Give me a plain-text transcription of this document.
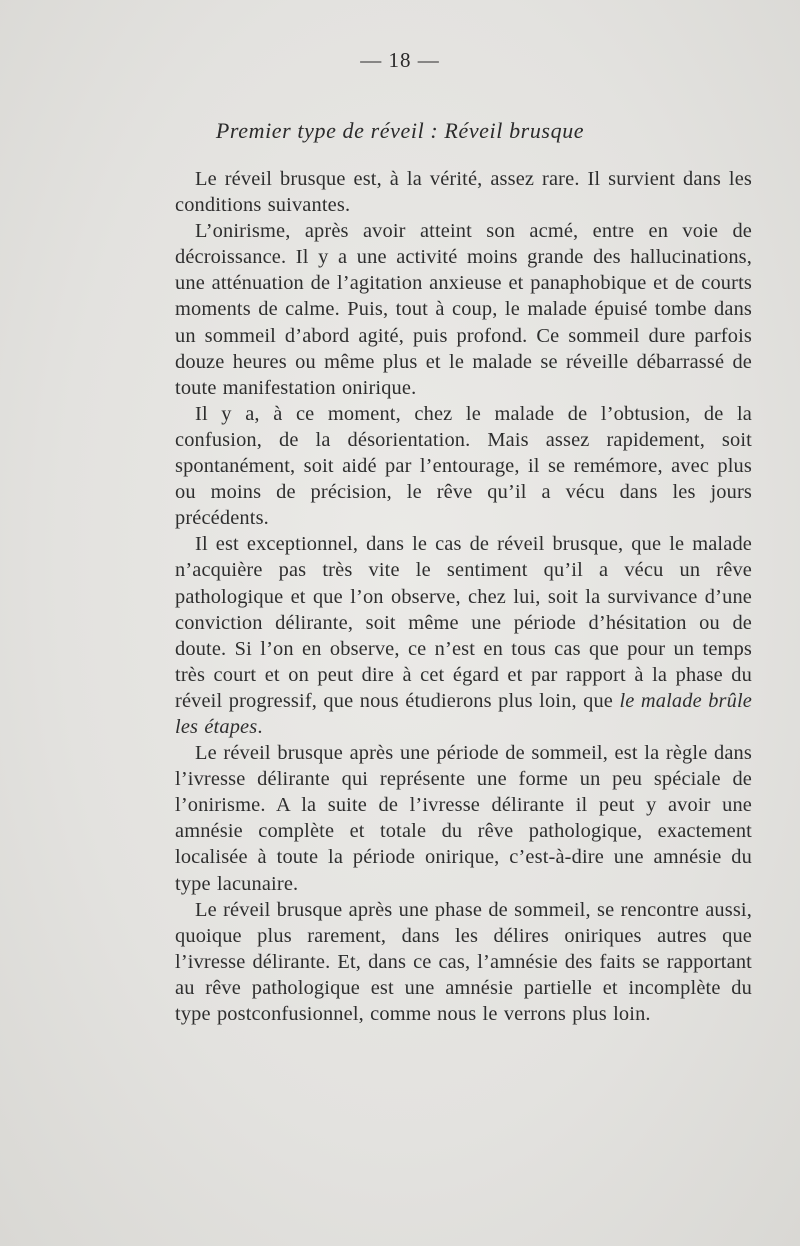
— 18 —
Premier type de réveil : Réveil brusque

Le réveil brusque est, à la vérité, assez rare. Il survient dans les conditions suivantes.

L’onirisme, après avoir atteint son acmé, entre en voie de décroissance. Il y a une activité moins grande des hallucinations, une atténuation de l’agitation anxieuse et panaphobique et de courts moments de calme. Puis, tout à coup, le malade épuisé tombe dans un sommeil d’abord agité, puis profond. Ce sommeil dure parfois douze heures ou même plus et le malade se réveille débarrassé de toute manifestation onirique.

Il y a, à ce moment, chez le malade de l’obtusion, de la confusion, de la désorientation. Mais assez rapidement, soit spontanément, soit aidé par l’entourage, il se remémore, avec plus ou moins de précision, le rêve qu’il a vécu dans les jours précédents.

Il est exceptionnel, dans le cas de réveil brusque, que le malade n’acquière pas très vite le sentiment qu’il a vécu un rêve pathologique et que l’on observe, chez lui, soit la survivance d’une conviction délirante, soit même une période d’hésitation ou de doute. Si l’on en observe, ce n’est en tous cas que pour un temps très court et on peut dire à cet égard et par rapport à la phase du réveil progressif, que nous étudierons plus loin, que le malade brûle les étapes.

Le réveil brusque après une période de sommeil, est la règle dans l’ivresse délirante qui représente une forme un peu spéciale de l’onirisme. A la suite de l’ivresse délirante il peut y avoir une amnésie complète et totale du rêve pathologique, exactement localisée à toute la période onirique, c’est-à-dire une amnésie du type lacunaire.

Le réveil brusque après une phase de sommeil, se rencontre aussi, quoique plus rarement, dans les délires oniriques autres que l’ivresse délirante. Et, dans ce cas, l’amnésie des faits se rapportant au rêve pathologique est une amnésie partielle et incomplète du type postconfusionnel, comme nous le verrons plus loin.
